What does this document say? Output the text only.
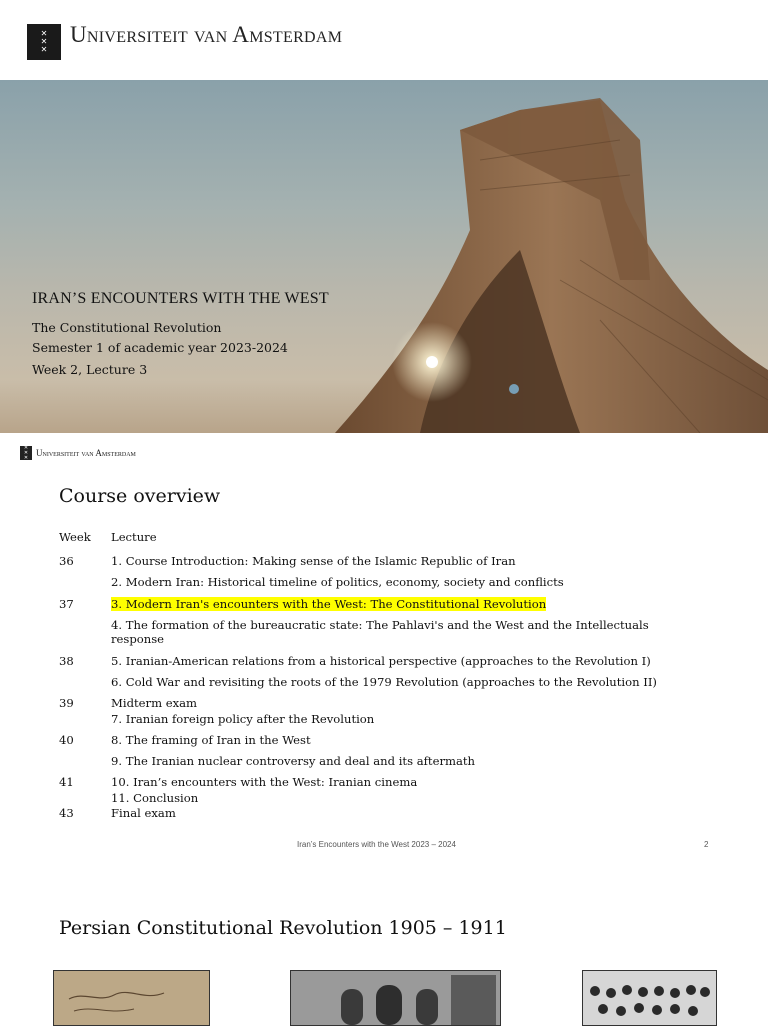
✕
✕
✕
Universiteit van Amsterdam
IRAN’S ENCOUNTERS WITH THE WEST
The Constitutional Revolution
Semester 1 of academic year 2023-2024
Week 2, Lecture 3
✕
✕
✕ Universiteit van Amsterdam
Course overview
Week	Lecture
36	1. Course Introduction: Making sense of the Islamic Republic of Iran
2. Modern Iran: Historical timeline of politics, economy, society and conflicts
37	3. Modern Iran's encounters with the West: The Constitutional Revolution
4. The formation of the bureaucratic state: The Pahlavi's and the West and the Intellectuals response
38	5. Iranian-American relations from a historical perspective (approaches to the Revolution I)
6. Cold War and revisiting the roots of the 1979 Revolution (approaches to the Revolution II)
39	Midterm exam
7. Iranian foreign policy after the Revolution
40	8. The framing of Iran in the West
9. The Iranian nuclear controversy and deal and its aftermath
41	10. Iran’s encounters with the West: Iranian cinema
11. Conclusion
43	Final exam
Iran’s Encounters with the West 2023 – 2024	2
Persian Constitutional Revolution 1905 – 1911
